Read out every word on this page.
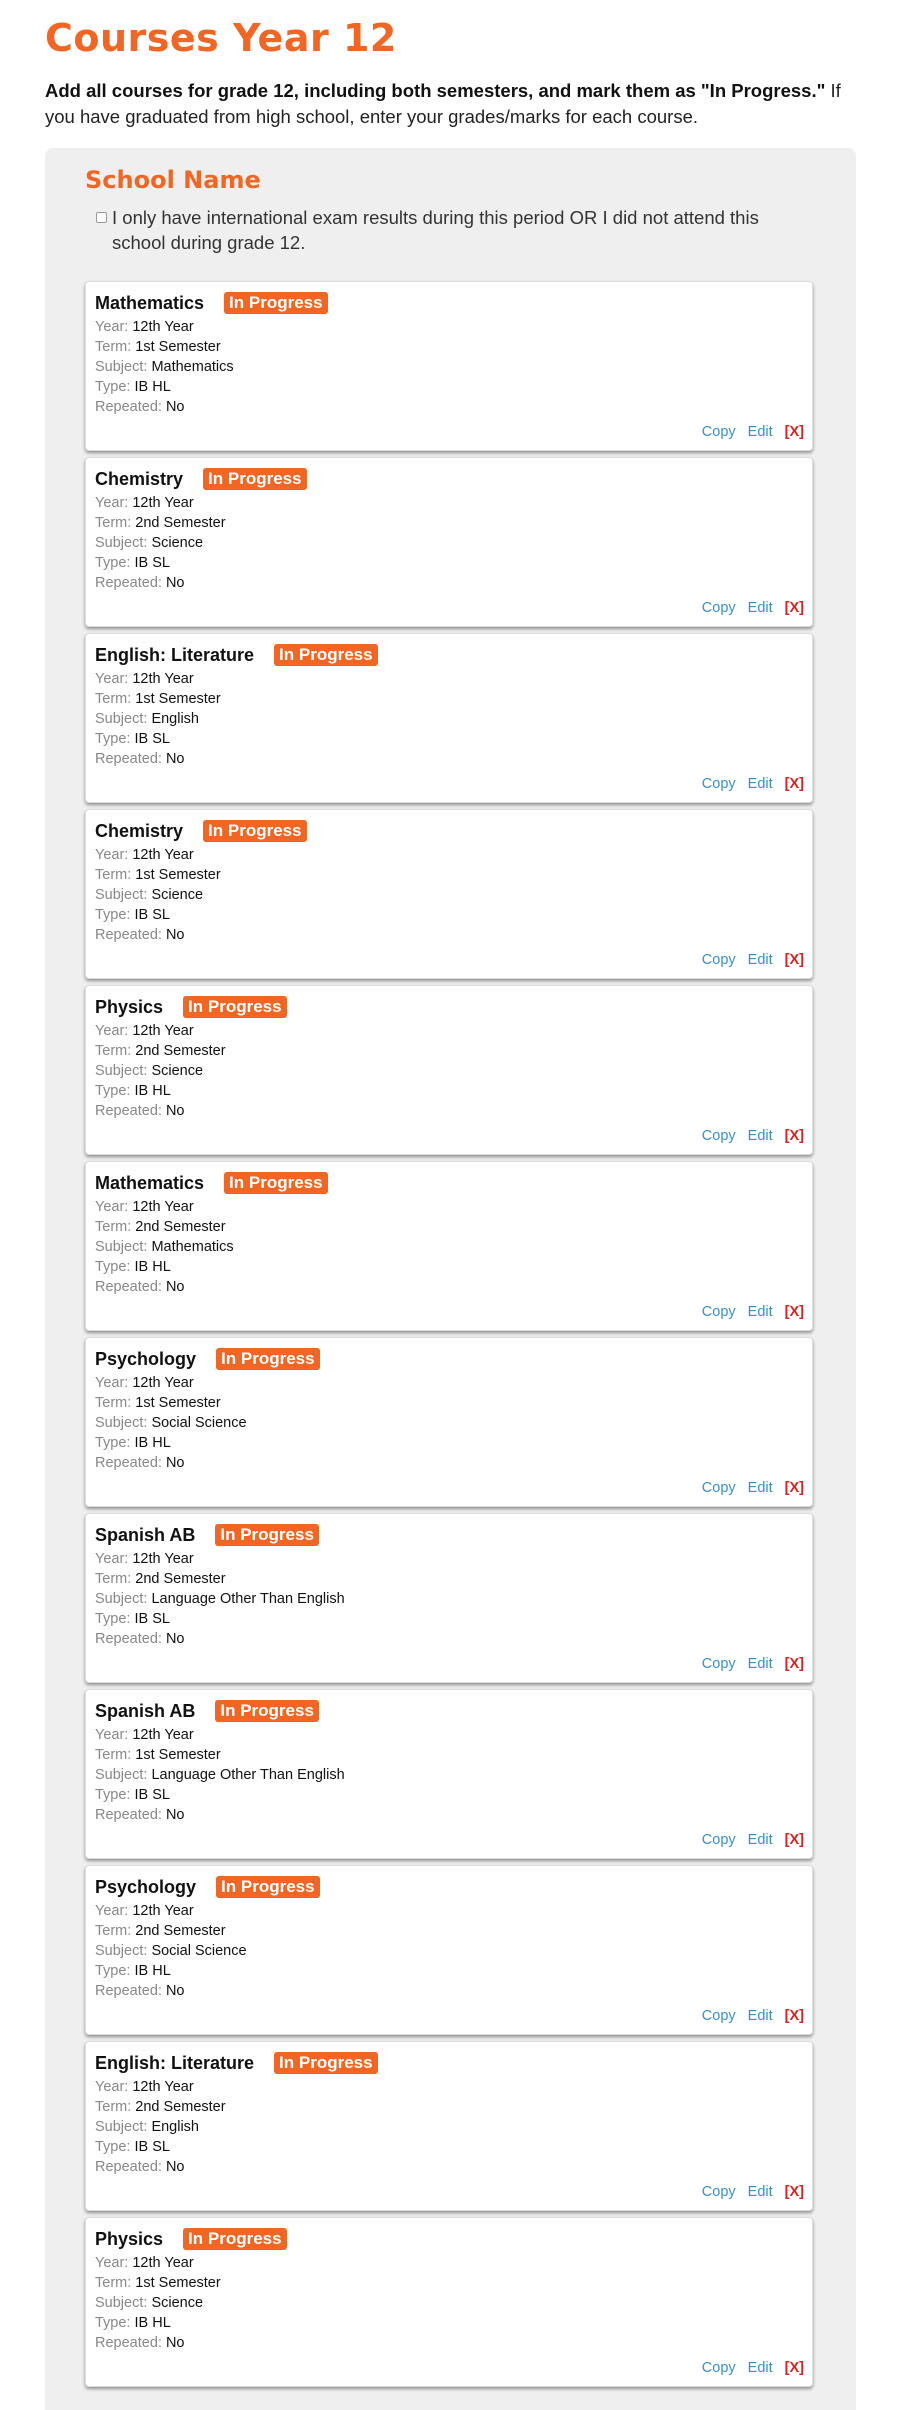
Courses Year 12

Add all courses for grade 12, including both semesters, and mark them as "In Progress." If you have graduated from high school, enter your grades/marks for each course.

School Name
I only have international exam results during this period OR I did not attend this school during grade 12.
Mathematics In Progress
Year: 12th Year
Term: 1st Semester
Subject: Mathematics
Type: IB HL
Repeated: No
Copy Edit [X]
Chemistry In Progress
Year: 12th Year
Term: 2nd Semester
Subject: Science
Type: IB SL
Repeated: No
Copy Edit [X]
English: Literature In Progress
Year: 12th Year
Term: 1st Semester
Subject: English
Type: IB SL
Repeated: No
Copy Edit [X]
Chemistry In Progress
Year: 12th Year
Term: 1st Semester
Subject: Science
Type: IB SL
Repeated: No
Copy Edit [X]
Physics In Progress
Year: 12th Year
Term: 2nd Semester
Subject: Science
Type: IB HL
Repeated: No
Copy Edit [X]
Mathematics In Progress
Year: 12th Year
Term: 2nd Semester
Subject: Mathematics
Type: IB HL
Repeated: No
Copy Edit [X]
Psychology In Progress
Year: 12th Year
Term: 1st Semester
Subject: Social Science
Type: IB HL
Repeated: No
Copy Edit [X]
Spanish AB In Progress
Year: 12th Year
Term: 2nd Semester
Subject: Language Other Than English
Type: IB SL
Repeated: No
Copy Edit [X]
Spanish AB In Progress
Year: 12th Year
Term: 1st Semester
Subject: Language Other Than English
Type: IB SL
Repeated: No
Copy Edit [X]
Psychology In Progress
Year: 12th Year
Term: 2nd Semester
Subject: Social Science
Type: IB HL
Repeated: No
Copy Edit [X]
English: Literature In Progress
Year: 12th Year
Term: 2nd Semester
Subject: English
Type: IB SL
Repeated: No
Copy Edit [X]
Physics In Progress
Year: 12th Year
Term: 1st Semester
Subject: Science
Type: IB HL
Repeated: No
Copy Edit [X]
